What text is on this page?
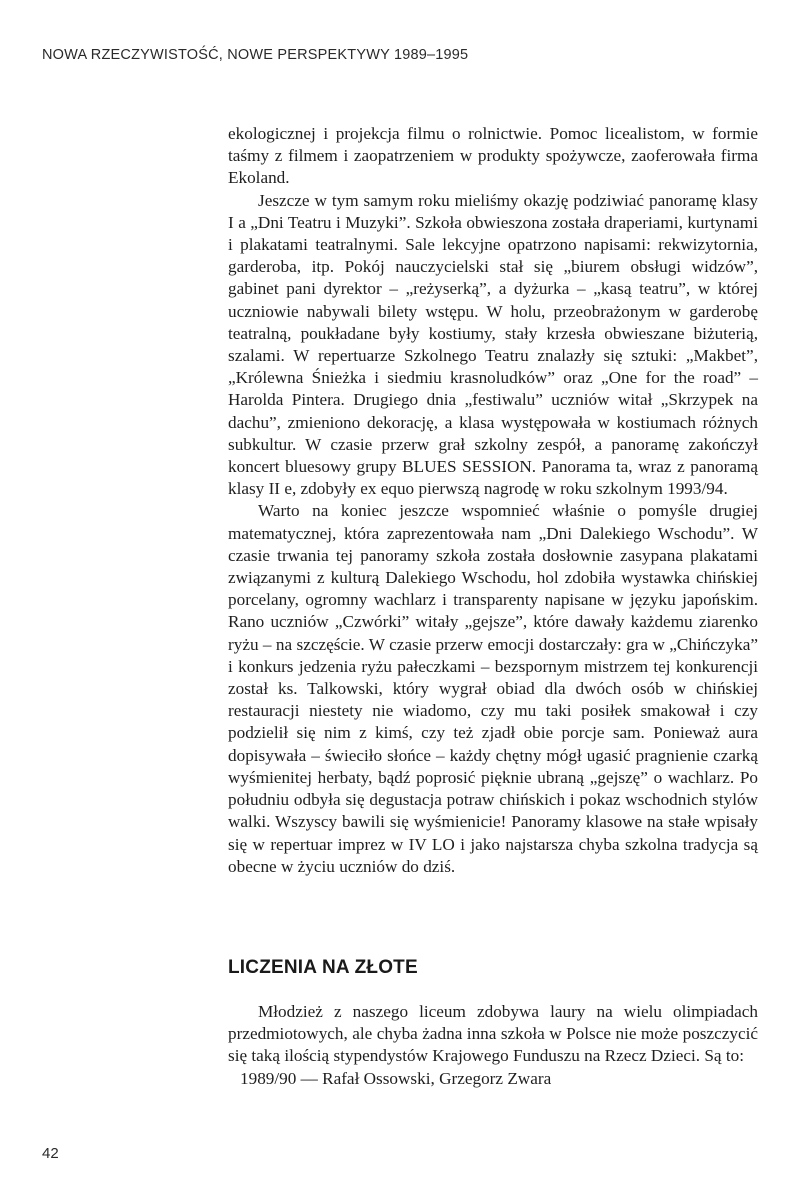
NOWA RZECZYWISTOŚĆ, NOWE PERSPEKTYWY 1989–1995

ekologicznej i projekcja filmu o rolnictwie. Pomoc licealistom, w formie taśmy z filmem i zaopatrzeniem w produkty spożywcze, zaoferowała firma Ekoland.

Jeszcze w tym samym roku mieliśmy okazję podziwiać panoramę klasy I a „Dni Teatru i Muzyki”. Szkoła obwieszona została draperiami, kurtynami i plakatami teatralnymi. Sale lekcyjne opatrzono napisami: rekwizytornia, garderoba, itp. Pokój nauczycielski stał się „biurem obsługi widzów”, gabinet pani dyrektor – „reżyserką”, a dyżurka – „kasą teatru”, w której uczniowie nabywali bilety wstępu. W holu, przeobrażonym w garderobę teatralną, poukładane były kostiumy, stały krzesła obwieszane biżuterią, szalami. W repertuarze Szkolnego Teatru znalazły się sztuki: „Makbet”, „Królewna Śnieżka i siedmiu krasnoludków” oraz „One for the road” – Harolda Pintera. Drugiego dnia „festiwalu” uczniów witał „Skrzypek na dachu”, zmieniono dekorację, a klasa występowała w kostiumach różnych subkultur. W czasie przerw grał szkolny zespół, a panoramę zakończył koncert bluesowy grupy BLUES SESSION. Panorama ta, wraz z panoramą klasy II e, zdobyły ex equo pierwszą nagrodę w roku szkolnym 1993/94.

Warto na koniec jeszcze wspomnieć właśnie o pomyśle drugiej matematycznej, która zaprezentowała nam „Dni Dalekiego Wschodu”. W czasie trwania tej panoramy szkoła została dosłownie zasypana plakatami związanymi z kulturą Dalekiego Wschodu, hol zdobiła wystawka chińskiej porcelany, ogromny wachlarz i transparenty napisane w języku japońskim. Rano uczniów „Czwórki” witały „gejsze”, które dawały każdemu ziarenko ryżu – na szczęście. W czasie przerw emocji dostarczały: gra w „Chińczyka” i konkurs jedzenia ryżu pałeczkami – bezspornym mistrzem tej konkurencji został ks. Talkowski, który wygrał obiad dla dwóch osób w chińskiej restauracji niestety nie wiadomo, czy mu taki posiłek smakował i czy podzielił się nim z kimś, czy też zjadł obie porcje sam. Ponieważ aura dopisywała – świeciło słońce – każdy chętny mógł ugasić pragnienie czarką wyśmienitej herbaty, bądź poprosić pięknie ubraną „gejszę” o wachlarz. Po południu odbyła się degustacja potraw chińskich i pokaz wschodnich stylów walki. Wszyscy bawili się wyśmienicie! Panoramy klasowe na stałe wpisały się w repertuar imprez w IV LO i jako najstarsza chyba szkolna tradycja są obecne w życiu uczniów do dziś.

LICZENIA NA ZŁOTE

Młodzież z naszego liceum zdobywa laury na wielu olimpiadach przedmiotowych, ale chyba żadna inna szkoła w Polsce nie może poszczycić się taką ilością stypendystów Krajowego Funduszu na Rzecz Dzieci. Są to:

1989/90 — Rafał Ossowski, Grzegorz Zwara

42
